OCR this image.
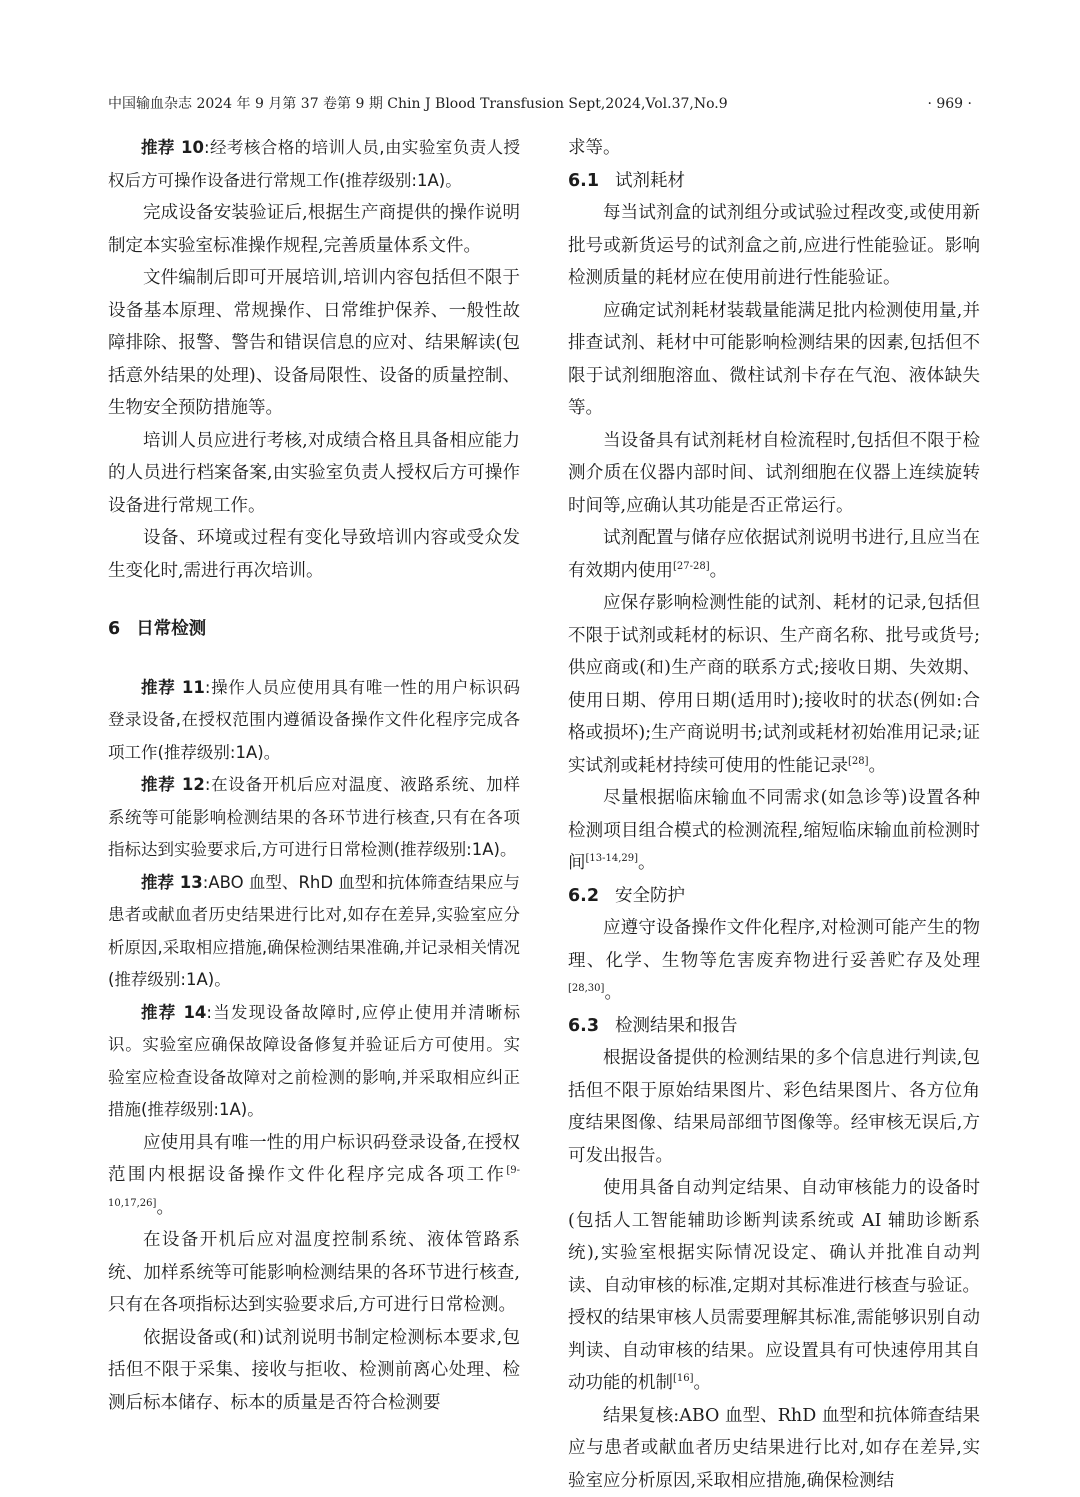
中国输血杂志 2024 年 9 月第 37 卷第 9 期 Chin J Blood Transfusion Sept,2024,Vol.37,No.9	· 969 ·

推荐 10:经考核合格的培训人员,由实验室负责人授权后方可操作设备进行常规工作(推荐级别:1A)。

完成设备安装验证后,根据生产商提供的操作说明制定本实验室标准操作规程,完善质量体系文件。

文件编制后即可开展培训,培训内容包括但不限于设备基本原理、常规操作、日常维护保养、一般性故障排除、报警、警告和错误信息的应对、结果解读(包括意外结果的处理)、设备局限性、设备的质量控制、生物安全预防措施等。

培训人员应进行考核,对成绩合格且具备相应能力的人员进行档案备案,由实验室负责人授权后方可操作设备进行常规工作。

设备、环境或过程有变化导致培训内容或受众发生变化时,需进行再次培训。

6 日常检测

推荐 11:操作人员应使用具有唯一性的用户标识码登录设备,在授权范围内遵循设备操作文件化程序完成各项工作(推荐级别:1A)。

推荐 12:在设备开机后应对温度、液路系统、加样系统等可能影响检测结果的各环节进行核查,只有在各项指标达到实验要求后,方可进行日常检测(推荐级别:1A)。

推荐 13:ABO 血型、RhD 血型和抗体筛查结果应与患者或献血者历史结果进行比对,如存在差异,实验室应分析原因,采取相应措施,确保检测结果准确,并记录相关情况(推荐级别:1A)。

推荐 14:当发现设备故障时,应停止使用并清晰标识。实验室应确保故障设备修复并验证后方可使用。实验室应检查设备故障对之前检测的影响,并采取相应纠正措施(推荐级别:1A)。

应使用具有唯一性的用户标识码登录设备,在授权范围内根据设备操作文件化程序完成各项工作[9-10,17,26]。

在设备开机后应对温度控制系统、液体管路系统、加样系统等可能影响检测结果的各环节进行核查,只有在各项指标达到实验要求后,方可进行日常检测。

依据设备或(和)试剂说明书制定检测标本要求,包括但不限于采集、接收与拒收、检测前离心处理、检测后标本储存、标本的质量是否符合检测要

求等。

6.1 试剂耗材

每当试剂盒的试剂组分或试验过程改变,或使用新批号或新货运号的试剂盒之前,应进行性能验证。影响检测质量的耗材应在使用前进行性能验证。

应确定试剂耗材装载量能满足批内检测使用量,并排查试剂、耗材中可能影响检测结果的因素,包括但不限于试剂细胞溶血、微柱试剂卡存在气泡、液体缺失等。

当设备具有试剂耗材自检流程时,包括但不限于检测介质在仪器内部时间、试剂细胞在仪器上连续旋转时间等,应确认其功能是否正常运行。

试剂配置与储存应依据试剂说明书进行,且应当在有效期内使用[27-28]。

应保存影响检测性能的试剂、耗材的记录,包括但不限于试剂或耗材的标识、生产商名称、批号或货号;供应商或(和)生产商的联系方式;接收日期、失效期、使用日期、停用日期(适用时);接收时的状态(例如:合格或损坏);生产商说明书;试剂或耗材初始准用记录;证实试剂或耗材持续可使用的性能记录[28]。

尽量根据临床输血不同需求(如急诊等)设置各种检测项目组合模式的检测流程,缩短临床输血前检测时间[13-14,29]。

6.2 安全防护

应遵守设备操作文件化程序,对检测可能产生的物理、化学、生物等危害废弃物进行妥善贮存及处理[28,30]。

6.3 检测结果和报告

根据设备提供的检测结果的多个信息进行判读,包括但不限于原始结果图片、彩色结果图片、各方位角度结果图像、结果局部细节图像等。经审核无误后,方可发出报告。

使用具备自动判定结果、自动审核能力的设备时(包括人工智能辅助诊断判读系统或 AI 辅助诊断系统),实验室根据实际情况设定、确认并批准自动判读、自动审核的标准,定期对其标准进行核查与验证。授权的结果审核人员需要理解其标准,需能够识别自动判读、自动审核的结果。应设置具有可快速停用其自动功能的机制[16]。

结果复核:ABO 血型、RhD 血型和抗体筛查结果应与患者或献血者历史结果进行比对,如存在差异,实验室应分析原因,采取相应措施,确保检测结
